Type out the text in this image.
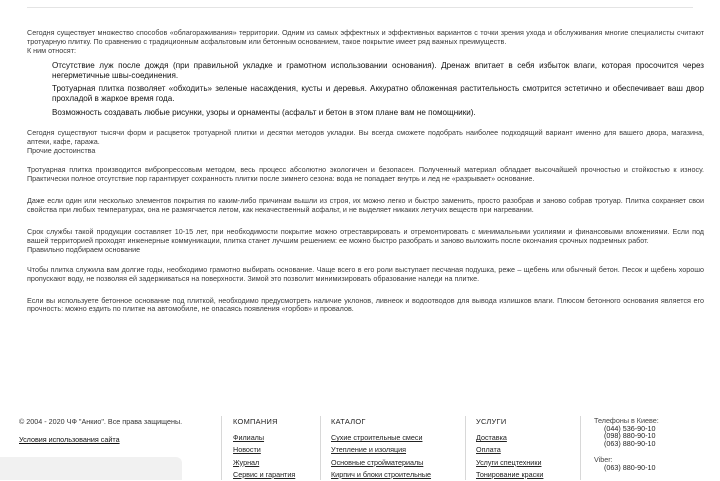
Сегодня существует множество способов «облагораживания» территории. Одним из самых эффектных и эффективных вариантов с точки зрения ухода и обслуживания многие специалисты считают тротуарную плитку. По сравнению с традиционным асфальтовым или бетонным основанием, такое покрытие имеет ряд важных преимуществ.

К ним относят:

Отсутствие луж после дождя (при правильной укладке и грамотном использовании основания). Дренаж впитает в себя избыток влаги, которая просочится через негерметичные швы-соединения.
Тротуарная плитка позволяет «обходить» зеленые насаждения, кусты и деревья. Аккуратно обложенная растительность смотрится эстетично и обеспечивает ваш двор прохладой в жаркое время года.
Возможность создавать любые рисунки, узоры и орнаменты (асфальт и бетон в этом плане вам не помощники).

Сегодня существуют тысячи форм и расцветок тротуарной плитки и десятки методов укладки. Вы всегда сможете подобрать наиболее подходящий вариант именно для вашего двора, магазина, аптеки, кафе, гаража.

Прочие достоинства

Тротуарная плитка производится вибропрессовым методом, весь процесс абсолютно экологичен и безопасен. Полученный материал обладает высочайшей прочностью и стойкостью к износу. Практически полное отсутствие пор гарантирует сохранность плитки после зимнего сезона: вода не попадает внутрь и лед не «разрывает» основание.

Даже если один или несколько элементов покрытия по каким-либо причинам вышли из строя, их можно легко и быстро заменить, просто разобрав и заново собрав тротуар. Плитка сохраняет свои свойства при любых температурах, она не размягчается летом, как некачественный асфальт, и не выделяет никаких летучих веществ при нагревании.

Срок службы такой продукции составляет 10-15 лет, при необходимости покрытие можно отреставрировать и отремонтировать с минимальными усилиями и финансовыми вложениями. Если под вашей территорией проходят инженерные коммуникации, плитка станет лучшим решением: ее можно быстро разобрать и заново выложить после окончания срочных подземных работ.

Правильно подбираем основание

Чтобы плитка служила вам долгие годы, необходимо грамотно выбирать основание. Чаще всего в его роли выступает песчаная подушка, реже – щебень или обычный бетон. Песок и щебень хорошо пропускают воду, не позволяя ей задерживаться на поверхности. Зимой это позволит минимизировать образование наледи на плитке.

Если вы используете бетонное основание под плиткой, необходимо предусмотреть наличие уклонов, ливнеок и водоотводов для вывода излишков влаги. Плюсом бетонного основания является его прочность: можно ездить по плитке на автомобиле, не опасаясь появления «горбов» и провалов.

© 2004 - 2020 ЧФ "Анкио". Все права защищены.
Условия использования сайта
КОМПАНИЯ
Филиалы
Новости
Журнал
Сервис и гарантия
КАТАЛОГ
Сухие строительные смеси
Утепление и изоляция
Основные стройматериалы
Кирпич и блоки строительные
УСЛУГИ
Доставка
Оплата
Услуги спецтехники
Тонирование краски
Телефоны в Киеве:
(044) 536-90-10
(098) 880-90-10
(063) 880-90-10
Viber:
(063) 880-90-10
